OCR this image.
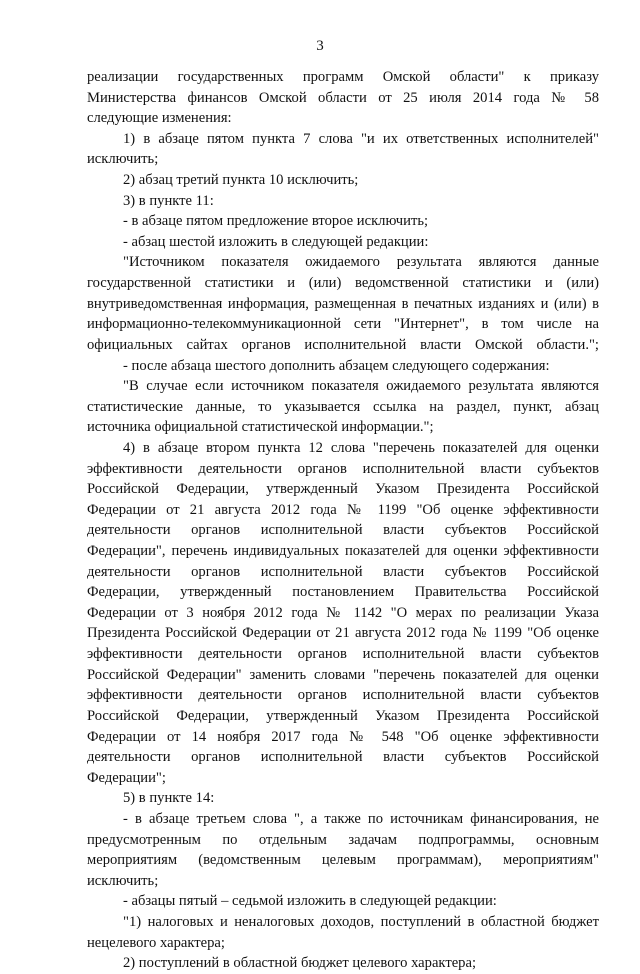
3
реализации государственных программ Омской области" к приказу
Министерства финансов Омской области от 25 июля 2014 года № 58
следующие изменения:
1) в абзаце пятом пункта 7 слова "и их ответственных исполнителей"
исключить;
2) абзац третий пункта 10 исключить;
3) в пункте 11:
- в абзаце пятом предложение второе исключить;
- абзац шестой изложить в следующей редакции:
"Источником показателя ожидаемого результата являются данные
государственной статистики и (или) ведомственной статистики и (или)
внутриведомственная информация, размещенная в печатных изданиях и (или) в
информационно-телекоммуникационной сети "Интернет", в том числе на
официальных сайтах органов исполнительной власти Омской области.";
- после абзаца шестого дополнить абзацем следующего содержания:
"В случае если источником показателя ожидаемого результата являются
статистические данные, то указывается ссылка на раздел, пункт, абзац
источника официальной статистической информации.";
4) в абзаце втором пункта 12 слова "перечень показателей для оценки
эффективности деятельности органов исполнительной власти субъектов
Российской Федерации, утвержденный Указом Президента Российской
Федерации от 21 августа 2012 года № 1199 "Об оценке эффективности
деятельности органов исполнительной власти субъектов Российской
Федерации", перечень индивидуальных показателей для оценки эффективности
деятельности органов исполнительной власти субъектов Российской
Федерации, утвержденный постановлением Правительства Российской
Федерации от 3 ноября 2012 года № 1142 "О мерах по реализации Указа
Президента Российской Федерации от 21 августа 2012 года № 1199 "Об оценке
эффективности деятельности органов исполнительной власти субъектов
Российской Федерации" заменить словами "перечень показателей для оценки
эффективности деятельности органов исполнительной власти субъектов
Российской Федерации, утвержденный Указом Президента Российской
Федерации от 14 ноября 2017 года № 548 "Об оценке эффективности
деятельности органов исполнительной власти субъектов Российской
Федерации";
5) в пункте 14:
- в абзаце третьем слова ", а также по источникам финансирования, не
предусмотренным по отдельным задачам подпрограммы, основным
мероприятиям (ведомственным целевым программам), мероприятиям"
исключить;
- абзацы пятый – седьмой изложить в следующей редакции:
"1) налоговых и неналоговых доходов, поступлений в областной бюджет
нецелевого характера;
2) поступлений в областной бюджет целевого характера;
